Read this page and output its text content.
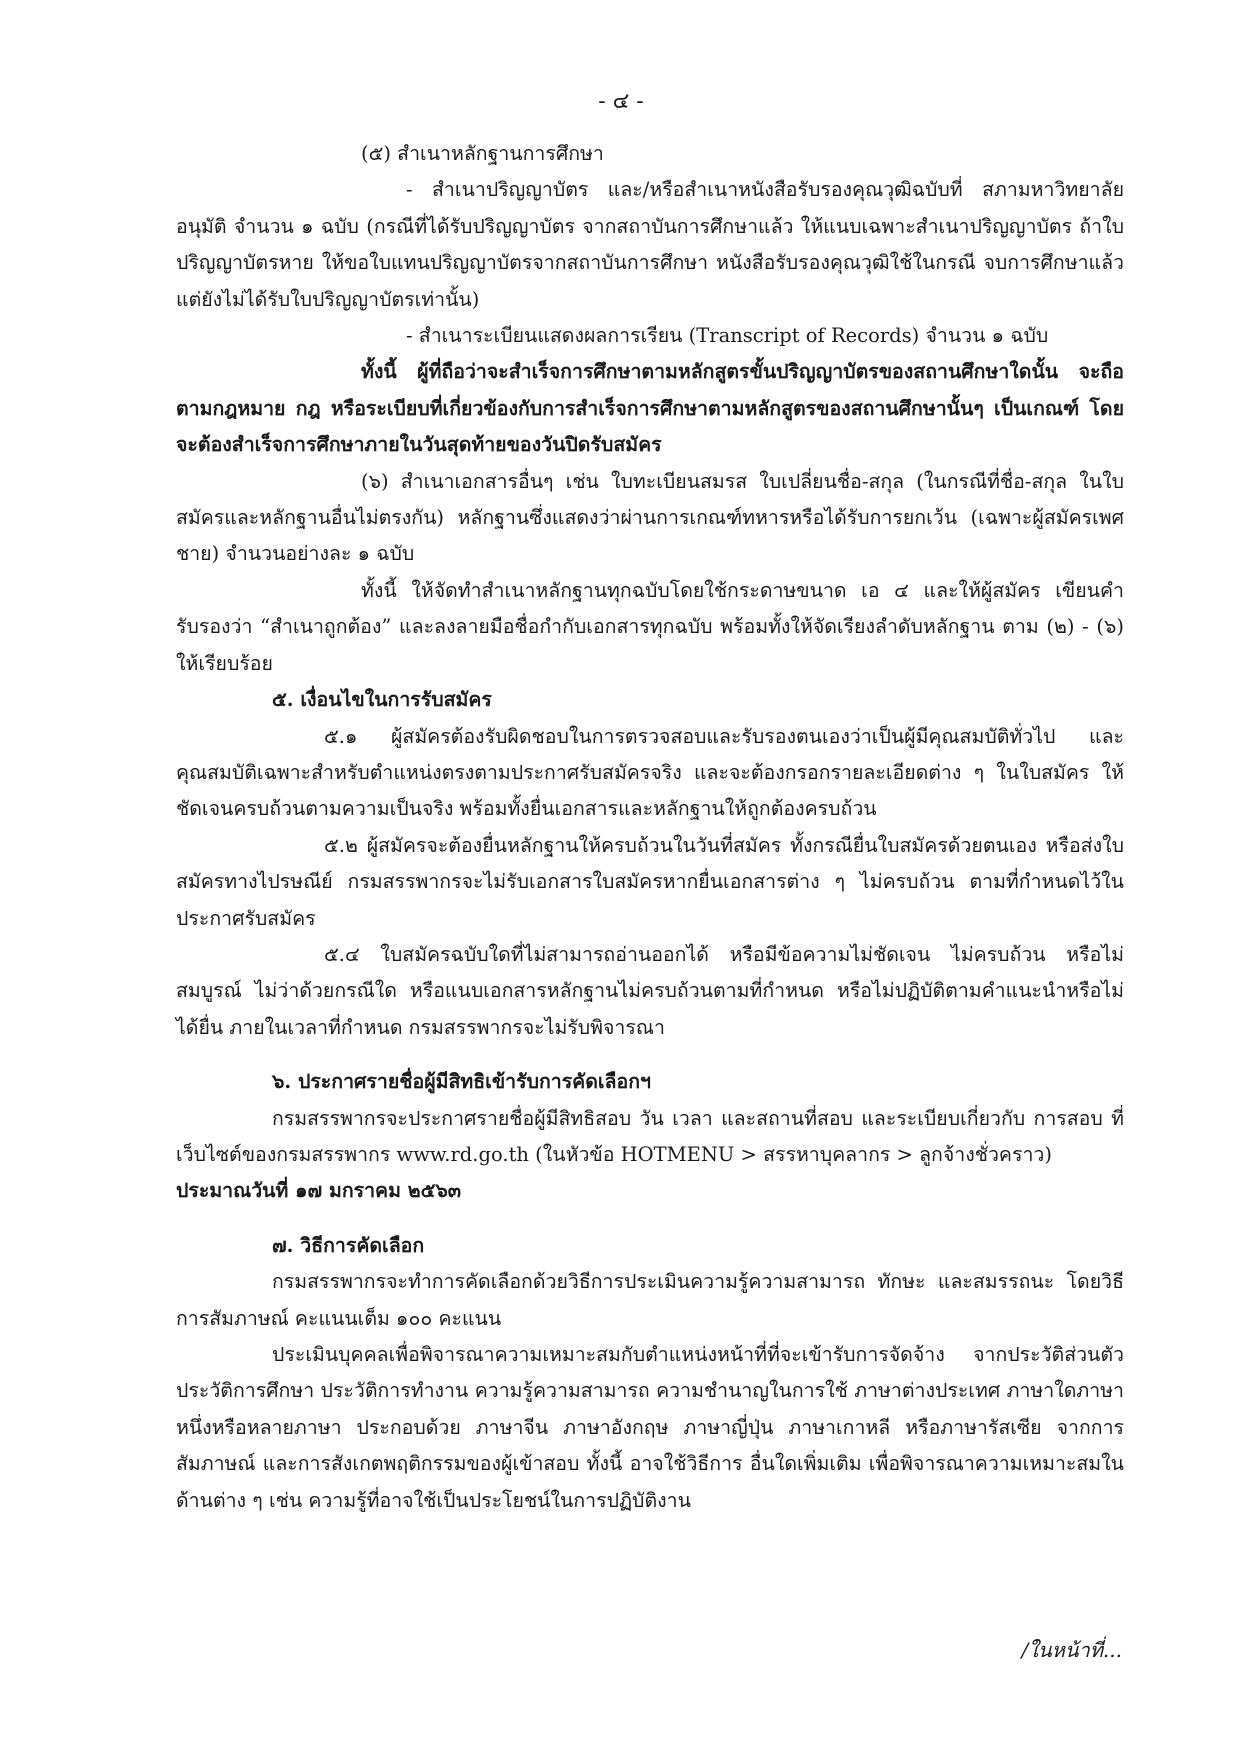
- ๔ -

(๕) สำเนาหลักฐานการศึกษา

- สำเนาปริญญาบัตร และ/หรือสำเนาหนังสือรับรองคุณวุฒิฉบับที่ สภามหาวิทยาลัยอนุมัติ จำนวน ๑ ฉบับ (กรณีที่ได้รับปริญญาบัตร จากสถาบันการศึกษาแล้ว ให้แนบเฉพาะสำเนาปริญญาบัตร ถ้าใบปริญญาบัตรหาย ให้ขอใบแทนปริญญาบัตรจากสถาบันการศึกษา หนังสือรับรองคุณวุฒิใช้ในกรณี จบการศึกษาแล้วแต่ยังไม่ได้รับใบปริญญาบัตรเท่านั้น)

- สำเนาระเบียนแสดงผลการเรียน (Transcript of Records) จำนวน ๑ ฉบับ

ทั้งนี้ ผู้ที่ถือว่าจะสำเร็จการศึกษาตามหลักสูตรขั้นปริญญาบัตรของสถานศึกษาใดนั้น จะถือตามกฎหมาย กฎ หรือระเบียบที่เกี่ยวข้องกับการสำเร็จการศึกษาตามหลักสูตรของสถานศึกษานั้นๆ เป็นเกณฑ์ โดยจะต้องสำเร็จการศึกษาภายในวันสุดท้ายของวันปิดรับสมัคร

(๖) สำเนาเอกสารอื่นๆ เช่น ใบทะเบียนสมรส ใบเปลี่ยนชื่อ-สกุล (ในกรณีที่ชื่อ-สกุล ในใบสมัครและหลักฐานอื่นไม่ตรงกัน) หลักฐานซึ่งแสดงว่าผ่านการเกณฑ์ทหารหรือได้รับการยกเว้น (เฉพาะผู้สมัครเพศชาย) จำนวนอย่างละ ๑ ฉบับ

ทั้งนี้ ให้จัดทำสำเนาหลักฐานทุกฉบับโดยใช้กระดาษขนาด เอ ๔ และให้ผู้สมัคร เขียนคำรับรองว่า “สำเนาถูกต้อง” และลงลายมือชื่อกำกับเอกสารทุกฉบับ พร้อมทั้งให้จัดเรียงลำดับหลักฐาน ตาม (๒) - (๖) ให้เรียบร้อย

๕. เงื่อนไขในการรับสมัคร

๕.๑ ผู้สมัครต้องรับผิดชอบในการตรวจสอบและรับรองตนเองว่าเป็นผู้มีคุณสมบัติทั่วไป และคุณสมบัติเฉพาะสำหรับตำแหน่งตรงตามประกาศรับสมัครจริง และจะต้องกรอกรายละเอียดต่าง ๆ ในใบสมัคร ให้ชัดเจนครบถ้วนตามความเป็นจริง พร้อมทั้งยื่นเอกสารและหลักฐานให้ถูกต้องครบถ้วน

๕.๒ ผู้สมัครจะต้องยื่นหลักฐานให้ครบถ้วนในวันที่สมัคร ทั้งกรณียื่นใบสมัครด้วยตนเอง หรือส่งใบสมัครทางไปรษณีย์ กรมสรรพากรจะไม่รับเอกสารใบสมัครหากยื่นเอกสารต่าง ๆ ไม่ครบถ้วน ตามที่กำหนดไว้ในประกาศรับสมัคร

๕.๔ ใบสมัครฉบับใดที่ไม่สามารถอ่านออกได้ หรือมีข้อความไม่ชัดเจน ไม่ครบถ้วน หรือไม่สมบูรณ์ ไม่ว่าด้วยกรณีใด หรือแนบเอกสารหลักฐานไม่ครบถ้วนตามที่กำหนด หรือไม่ปฏิบัติตามคำแนะนำหรือไม่ได้ยื่น ภายในเวลาที่กำหนด กรมสรรพากรจะไม่รับพิจารณา

๖. ประกาศรายชื่อผู้มีสิทธิเข้ารับการคัดเลือกฯ

กรมสรรพากรจะประกาศรายชื่อผู้มีสิทธิสอบ วัน เวลา และสถานที่สอบ และระเบียบเกี่ยวกับ การสอบ ที่เว็บไซต์ของกรมสรรพากร www.rd.go.th (ในหัวข้อ HOTMENU > สรรหาบุคลากร > ลูกจ้างชั่วคราว)

ประมาณวันที่ ๑๗ มกราคม ๒๕๖๓

๗. วิธีการคัดเลือก

กรมสรรพากรจะทำการคัดเลือกด้วยวิธีการประเมินความรู้ความสามารถ ทักษะ และสมรรถนะ โดยวิธีการสัมภาษณ์ คะแนนเต็ม ๑๐๐ คะแนน

ประเมินบุคคลเพื่อพิจารณาความเหมาะสมกับตำแหน่งหน้าที่ที่จะเข้ารับการจัดจ้าง จากประวัติส่วนตัว ประวัติการศึกษา ประวัติการทำงาน ความรู้ความสามารถ ความชำนาญในการใช้ ภาษาต่างประเทศ ภาษาใดภาษาหนึ่งหรือหลายภาษา ประกอบด้วย ภาษาจีน ภาษาอังกฤษ ภาษาญี่ปุ่น ภาษาเกาหลี หรือภาษารัสเซีย จากการสัมภาษณ์ และการสังเกตพฤติกรรมของผู้เข้าสอบ ทั้งนี้ อาจใช้วิธีการ อื่นใดเพิ่มเติม เพื่อพิจารณาความเหมาะสมในด้านต่าง ๆ เช่น ความรู้ที่อาจใช้เป็นประโยชน์ในการปฏิบัติงาน

/ในหน้าที่...
